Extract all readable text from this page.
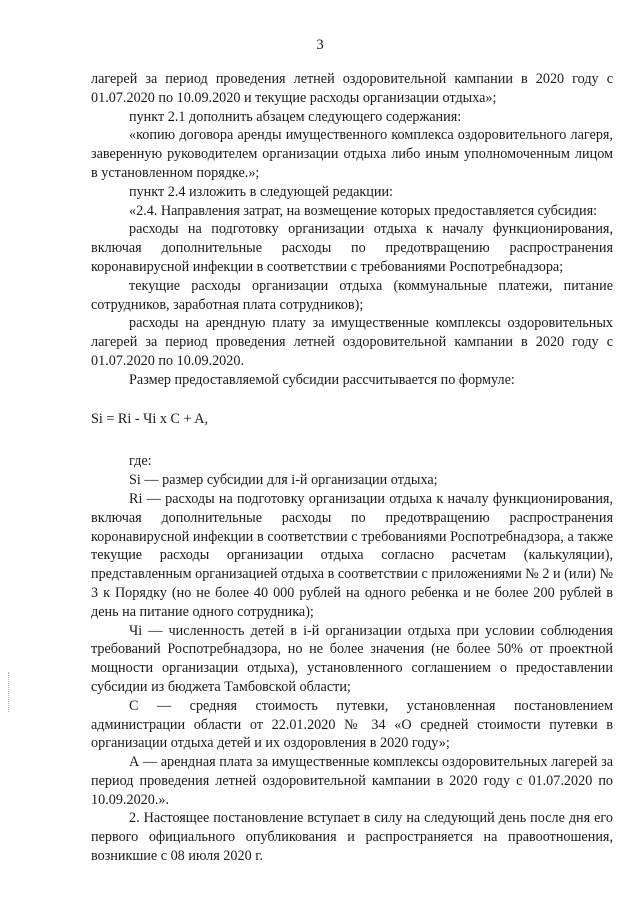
3

лагерей за период проведения летней оздоровительной кампании в 2020 году с 01.07.2020 по 10.09.2020 и текущие расходы организации отдыха»;

пункт 2.1 дополнить абзацем следующего содержания:

«копию договора аренды имущественного комплекса оздоровительного лагеря, заверенную руководителем организации отдыха либо иным уполномоченным лицом в установленном порядке.»;

пункт 2.4 изложить в следующей редакции:

«2.4. Направления затрат, на возмещение которых предоставляется субсидия:

расходы на подготовку организации отдыха к началу функционирования, включая дополнительные расходы по предотвращению распространения коронавирусной инфекции в соответствии с требованиями Роспотребнадзора;

текущие расходы организации отдыха (коммунальные платежи, питание сотрудников, заработная плата сотрудников);

расходы на арендную плату за имущественные комплексы оздоровительных лагерей за период проведения летней оздоровительной кампании в 2020 году с 01.07.2020 по 10.09.2020.

Размер предоставляемой субсидии рассчитывается по формуле:

Si = Ri - Чi x C + A,

где:

Si — размер субсидии для i-й организации отдыха;

Ri — расходы на подготовку организации отдыха к началу функционирования, включая дополнительные расходы по предотвращению распространения коронавирусной инфекции в соответствии с требованиями Роспотребнадзора, а также текущие расходы организации отдыха согласно расчетам (калькуляции), представленным организацией отдыха в соответствии с приложениями № 2 и (или) № 3 к Порядку (но не более 40 000 рублей на одного ребенка и не более 200 рублей в день на питание одного сотрудника);

Чi — численность детей в i-й организации отдыха при условии соблюдения требований Роспотребнадзора, но не более значения (не более 50% от проектной мощности организации отдыха), установленного соглашением о предоставлении субсидии из бюджета Тамбовской области;

С — средняя стоимость путевки, установленная постановлением администрации области от 22.01.2020 № 34 «О средней стоимости путевки в организации отдыха детей и их оздоровления в 2020 году»;

А — арендная плата за имущественные комплексы оздоровительных лагерей за период проведения летней оздоровительной кампании в 2020 году с 01.07.2020 по 10.09.2020.».

2. Настоящее постановление вступает в силу на следующий день после дня его первого официального опубликования и распространяется на правоотношения, возникшие с 08 июля 2020 г.
